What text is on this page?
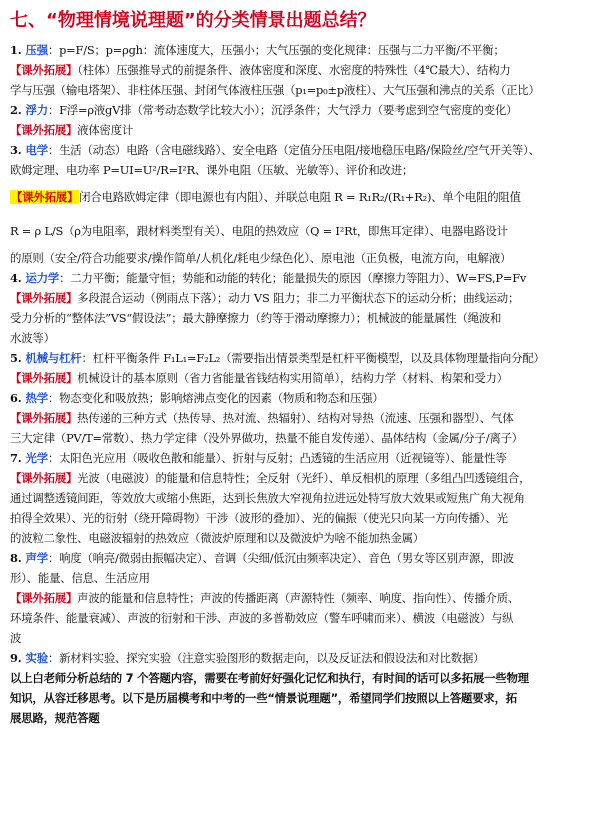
七、“物理情境说理题”的分类情景出题总结？
1. 压强：p=F/S；p=ρgh：流体速度大，压强小；大气压强的变化规律：压强与二力平衡/不平衡；
【课外拓展】（柱体）压强推导式的前提条件、液体密度和深度、水密度的特殊性（4℃最大）、结构力
学与压强（输电塔架）、非柱体压强、封闭气体液柱压强（p₁=p₀±p液柱）、大气压强和沸点的关系（正比）
2. 浮力：F浮=ρ液gV排（常考动态数学比较大小）；沉浮条件；大气浮力（要考虑到空气密度的变化）
【课外拓展】液体密度计
3. 电学：生活（动态）电路（含电磁线路）、安全电路（定值分压电阻/接地稳压电路/保险丝/空气开关等）、
欧姆定理、电功率 P=UI=U²/R=I²R、课外电阻（压敏、光敏等）、评价和改进；
【课外拓展】闭合电路欧姆定律（即电源也有内阻）、并联总电阻 R = R₁R₂/(R₁+R₂)、单个电阻的阻值
R = ρ L/S（ρ为电阻率，跟材料类型有关）、电阻的热效应（Q = I²Rt，即焦耳定律）、电器电路设计
的原则（安全/符合功能要求/操作简单/人机化/耗电少绿色化）、原电池（正负极，电流方向，电解液）
4. 运力学：二力平衡；能量守恒；势能和动能的转化；能量损失的原因（摩擦力等阻力）、W=FS,P=Fv
【课外拓展】多段混合运动（例雨点下落）；动力 VS 阻力；非二力平衡状态下的运动分析；曲线运动；
受力分析的“整体法”VS“假设法”；最大静摩擦力（约等于滑动摩擦力）；机械波的能量属性（绳波和
水波等）
5. 机械与杠杆：杠杆平衡条件 F₁L₁=F₂L₂（需要指出情景类型是杠杆平衡模型，以及具体物理量指向分配）
【课外拓展】机械设计的基本原则（省力省能量省钱结构实用简单），结构力学（材料、构架和受力）
6. 热学：物态变化和吸放热；影响熔沸点变化的因素（物质和物态和压强）
【课外拓展】热传递的三种方式（热传导、热对流、热辐射）、结构对导热（流速、压强和器型）、气体
三大定律（PV/T=常数）、热力学定律（没外界做功，热量不能自发传递）、晶体结构（金属/分子/离子）
7. 光学：太阳色光应用（吸收色散和能量）、折射与反射；凸透镜的生活应用（近视镜等）、能量性等
【课外拓展】光波（电磁波）的能量和信息特性；全反射（光纤）、单反相机的原理（多组凸凹透镜组合，
通过调整透镜间距，等效放大或缩小焦距，达到长焦放大窄视角拉进远处特写放大效果或短焦广角大视角
拍得全效果）、光的衍射（绕开障碍物）干涉（波形的叠加）、光的偏振（使光只向某一方向传播）、光
的波粒二象性、电磁波辐射的热效应（微波炉原理和以及微波炉为啥不能加热金属）
8. 声学：响度（响亮/微弱由振幅决定）、音调（尖细/低沉由频率决定）、音色（男女等区别声源，即波
形）、能量、信息、生活应用
【课外拓展】声波的能量和信息特性；声波的传播距离（声源特性（频率、响度、指向性）、传播介质、
环境条件、能量衰减）、声波的衍射和干涉、声波的多普勒效应（警车呼啸而来）、横波（电磁波）与纵
波
9. 实验：新材料实验、探究实验（注意实验图形的数据走向，以及反证法和假设法和对比数据）
以上白老师分析总结的 7 个答题内容，需要在考前好好强化记忆和执行，有时间的话可以多拓展一些物理
知识，从容迁移思考。以下是历届模考和中考的一些“情景说理题”，希望同学们按照以上答题要求，拓
展思路，规范答题
